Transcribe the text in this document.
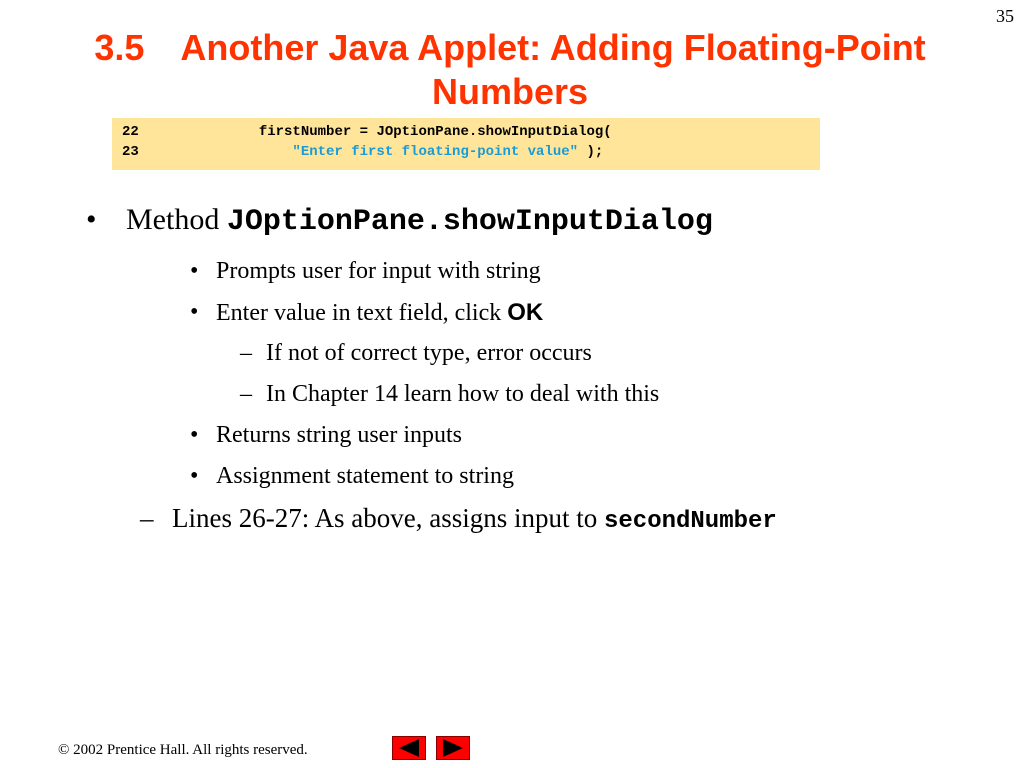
35
3.5 Another Java Applet: Adding Floating-Point Numbers
22	firstNumber = JOptionPane.showInputDialog(
23	"Enter first floating-point value" );
• Method JOptionPane.showInputDialog
• Prompts user for input with string
• Enter value in text field, click OK
– If not of correct type, error occurs
– In Chapter 14 learn how to deal with this
• Returns string user inputs
• Assignment statement to string
– Lines 26-27: As above, assigns input to secondNumber
© 2002 Prentice Hall. All rights reserved.
